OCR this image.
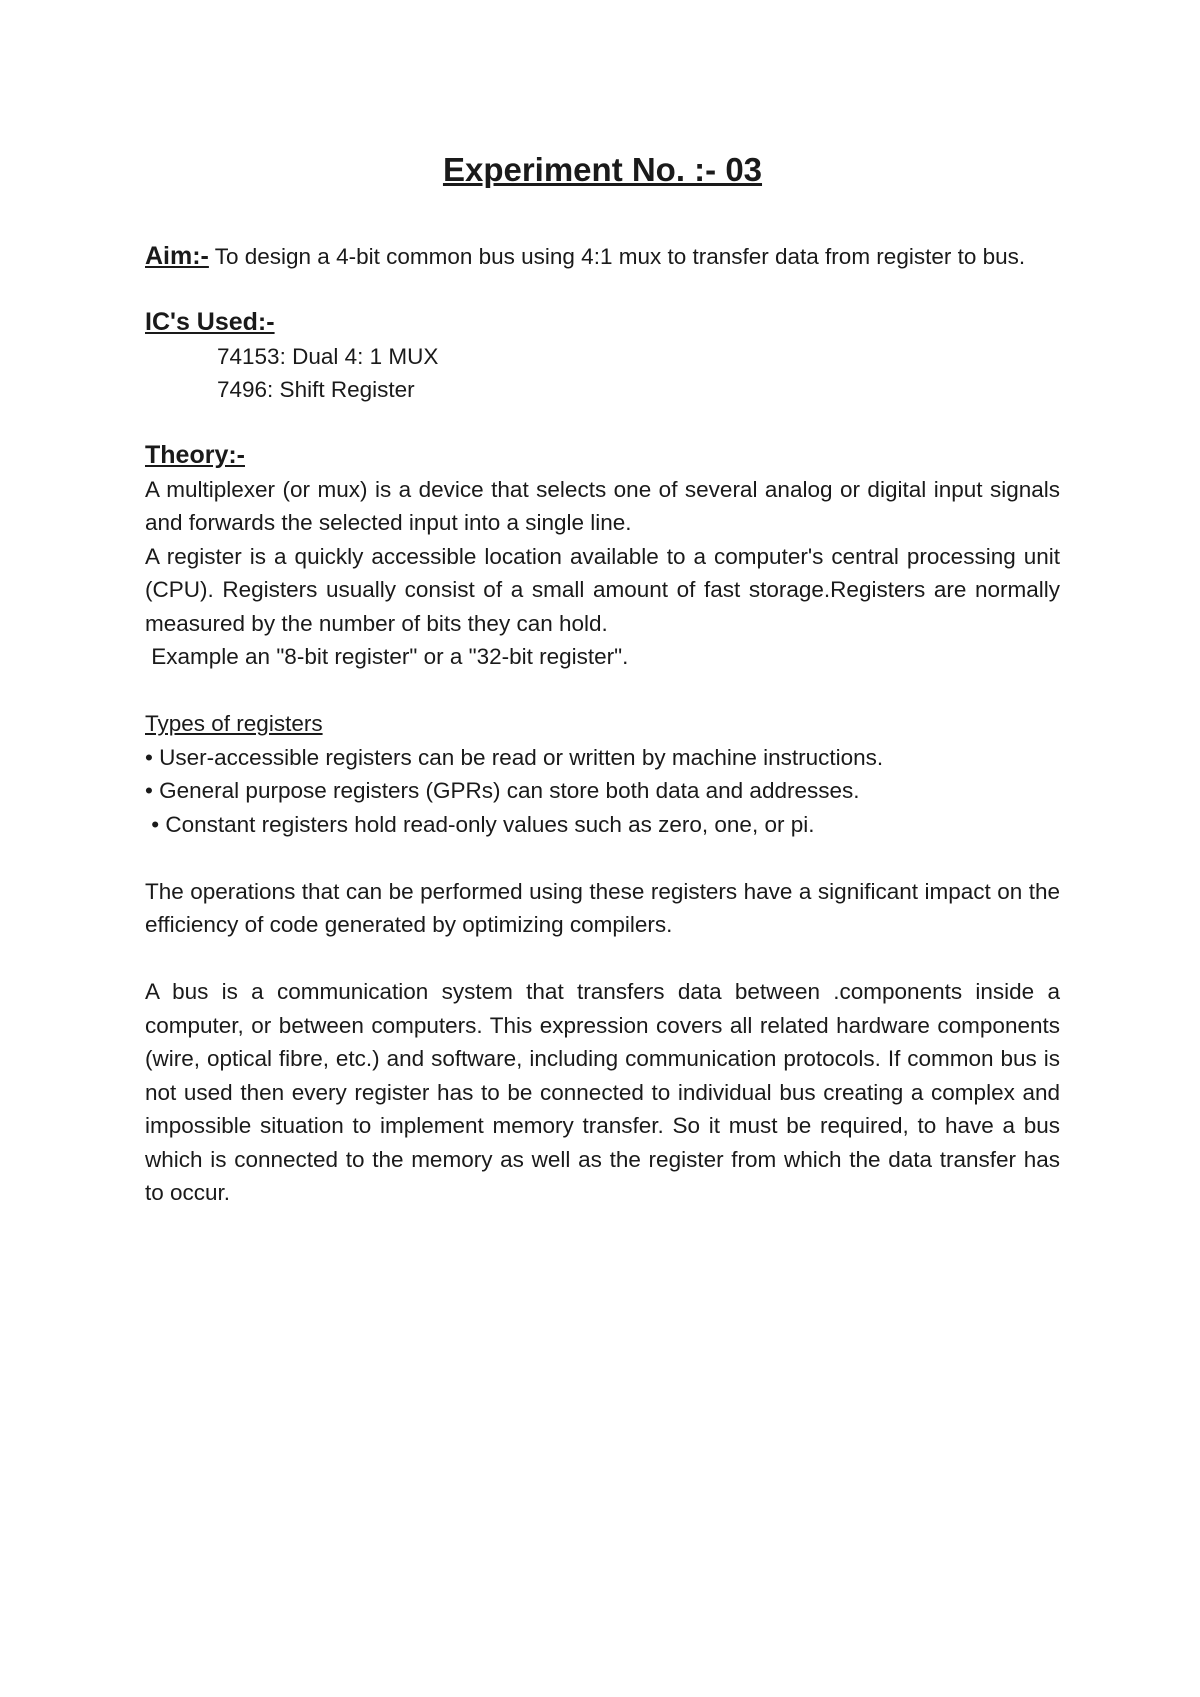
Experiment No. :- 03

Aim:- To design a 4-bit common bus using 4:1 mux to transfer data from register to bus.

IC's Used:-
74153: Dual 4: 1 MUX
7496: Shift Register
Theory:-

A multiplexer (or mux) is a device that selects one of several analog or digital input signals and forwards the selected input into a single line.

A register is a quickly accessible location available to a computer's central processing unit (CPU). Registers usually consist of a small amount of fast storage.Registers are normally measured by the number of bits they can hold.

Example an "8-bit register" or a "32-bit register".

Types of registers

• User-accessible registers can be read or written by machine instructions.
• General purpose registers (GPRs) can store both data and addresses.
• Constant registers hold read-only values such as zero, one, or pi.

The operations that can be performed using these registers have a significant impact on the efficiency of code generated by optimizing compilers.

A bus is a communication system that transfers data between .components inside a computer, or between computers. This expression covers all related hardware components (wire, optical fibre, etc.) and software, including communication protocols. If common bus is not used then every register has to be connected to individual bus creating a complex and impossible situation to implement memory transfer. So it must be required, to have a bus which is connected to the memory as well as the register from which the data transfer has to occur.
